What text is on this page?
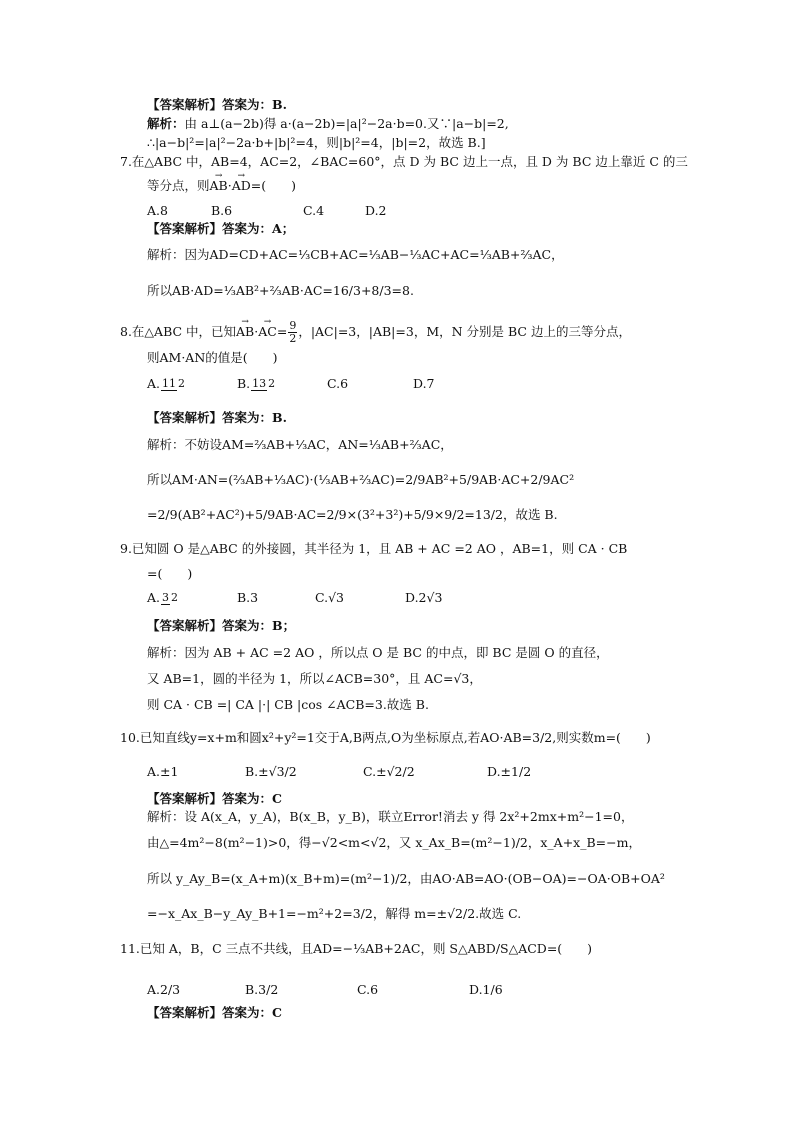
【答案解析】答案为：B.
解析：由 a⊥(a−2b)得 a·(a−2b)=|a|²−2a·b=0.又∵|a−b|=2,
∴|a−b|²=|a|²−2a·b+|b|²=4，则|b|²=4，|b|=2，故选 B.]
7.在△ABC 中，AB=4，AC=2，∠BAC=60°，点 D 为 BC 边上一点，且 D 为 BC 边上靠近 C 的三
等分点，则→ AB·→ AD=(　　)
A.8	B.6	C.4	D.2
【答案解析】答案为：A；
解析：因为AD=CD+AC=⅓CB+AC=⅓AB−⅓AC+AC=⅓AB+⅔AC，
所以AB·AD=⅓AB²+⅔AB·AC=16/3+8/3=8.
8.在△ABC 中，已知→ $AB\cdot\to AC= \frac{9}{2}$ ，|AC|=3，|AB|=3，M，N 分别是 BC 边上的三等分点，
则AM·AN的值是(　　)
A. 11 2	B. 13 2	C.6	D.7
【答案解析】答案为：B.
解析：不妨设AM=⅔AB+⅓AC，AN=⅓AB+⅔AC，
所以AM·AN=(⅔AB+⅓AC)·(⅓AB+⅔AC)=2/9AB²+5/9AB·AC+2/9AC²
=2/9(AB²+AC²)+5/9AB·AC=2/9×(3²+3²)+5/9×9/2=13/2，故选 B.
9.已知圆 O 是△ABC 的外接圆，其半径为 1，且 AB + AC =2 AO ，AB=1，则 CA · CB
=(　　)
A. 3 2	B.3	C.√3	D.2√3
【答案解析】答案为：B；
解析：因为 AB + AC =2 AO ，所以点 O 是 BC 的中点，即 BC 是圆 O 的直径，
又 AB=1，圆的半径为 1，所以∠ACB=30°，且 AC=√3，
则 CA · CB =| CA |·| CB |cos ∠ACB=3.故选 B.
10.已知直线y=x+m和圆x²+y²=1交于A,B两点,O为坐标原点,若AO·AB=3/2,则实数m=(　　)
A.±1	B.±√3/2	C.±√2/2	D.±1/2
【答案解析】答案为：C
解析：设 A(x_A，y_A)，B(x_B，y_B)，联立Error!消去 y 得 2x²+2mx+m²−1=0，
由△=4m²−8(m²−1)>0，得−√2<m<√2，又 x_Ax_B=(m²−1)/2，x_A+x_B=−m，
所以 y_Ay_B=(x_A+m)(x_B+m)=(m²−1)/2，由AO·AB=AO·(OB−OA)=−OA·OB+OA²
=−x_Ax_B−y_Ay_B+1=−m²+2=3/2，解得 m=±√2/2.故选 C.
11.已知 A，B，C 三点不共线，且AD=−⅓AB+2AC，则 S△ABD/S△ACD=(　　)
A.2/3	B.3/2	C.6	D.1/6
【答案解析】答案为：C
